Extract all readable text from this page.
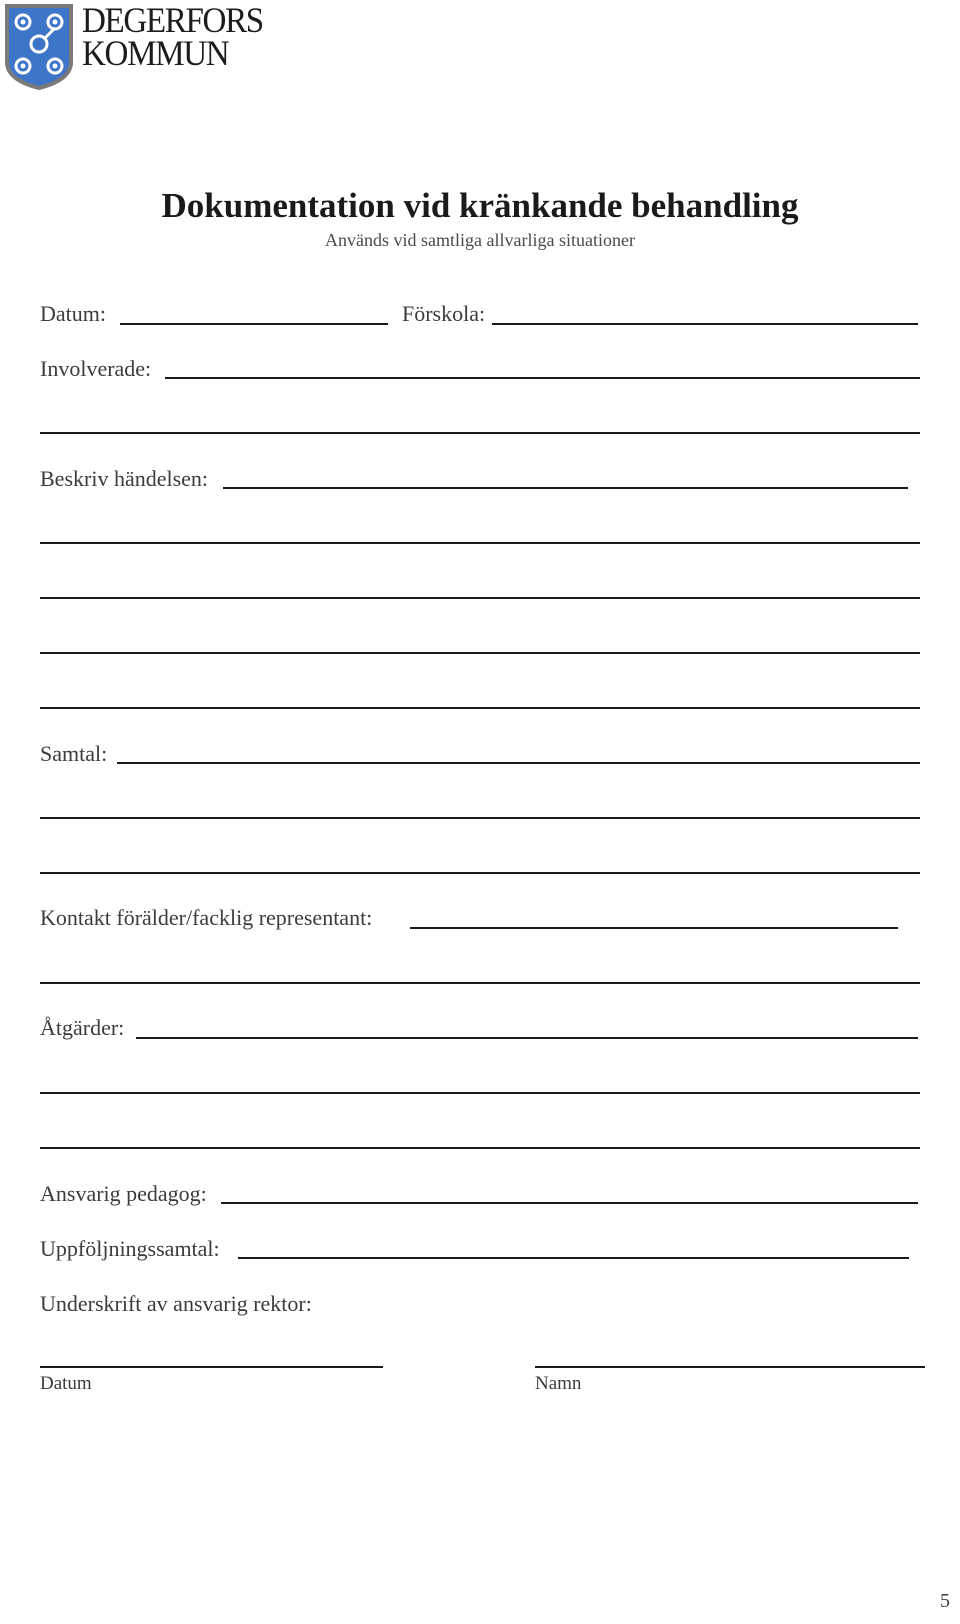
DEGERFORS
KOMMUN
Dokumentation vid kränkande behandling
Används vid samtliga allvarliga situationer
Datum:	Förskola:
Involverade:
Beskriv händelsen:
Samtal:
Kontakt förälder/facklig representant:
Åtgärder:
Ansvarig pedagog:
Uppföljningssamtal:
Underskrift av ansvarig rektor:
Datum	Namn
5
